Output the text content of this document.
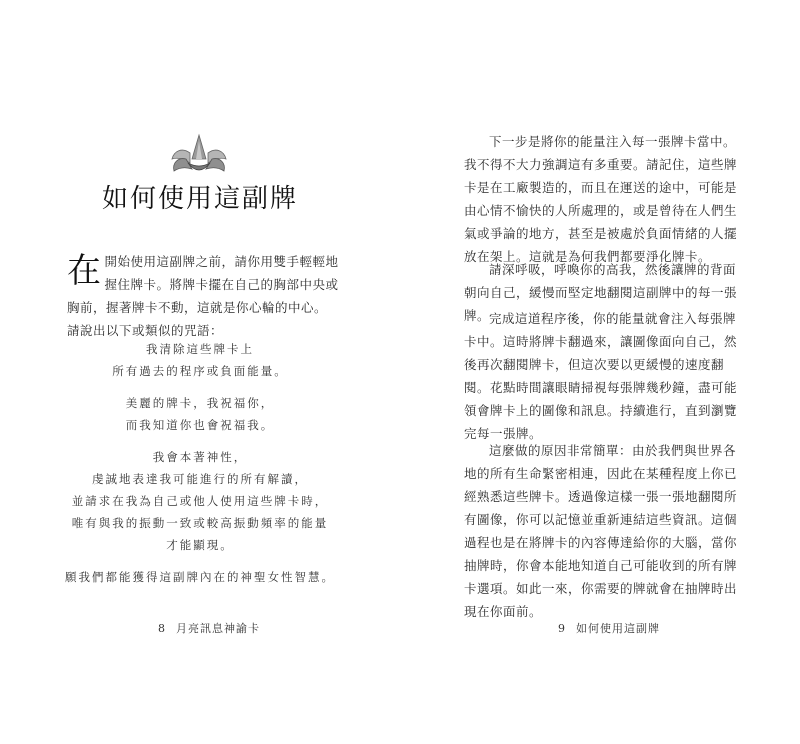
如何使用這副牌
在開始使用這副牌之前，請你用雙手輕輕地握住牌卡。將牌卡擺在自己的胸部中央或胸前，握著牌卡不動，這就是你心輪的中心。請說出以下或類似的咒語：
我清除這些牌卡上
所有過去的程序或負面能量。
美麗的牌卡，我祝福你，
而我知道你也會祝福我。
我會本著神性，
虔誠地表達我可能進行的所有解讀，
並請求在我為自己或他人使用這些牌卡時，
唯有與我的振動一致或較高振動頻率的能量
才能顯現。
願我們都能獲得這副牌內在的神聖女性智慧。
8 月亮訊息神諭卡

下一步是將你的能量注入每一張牌卡當中。我不得不大力強調這有多重要。請記住，這些牌卡是在工廠製造的，而且在運送的途中，可能是由心情不愉快的人所處理的，或是曾待在人們生氣或爭論的地方，甚至是被處於負面情緒的人擺放在架上。這就是為何我們都要淨化牌卡。

請深呼吸，呼喚你的高我，然後讓牌的背面朝向自己，緩慢而堅定地翻閱這副牌中的每一張牌。

完成這道程序後，你的能量就會注入每張牌卡中。這時將牌卡翻過來，讓圖像面向自己，然後再次翻閱牌卡，但這次要以更緩慢的速度翻閱。花點時間讓眼睛掃視每張牌幾秒鐘，盡可能領會牌卡上的圖像和訊息。持續進行，直到瀏覽完每一張牌。

這麼做的原因非常簡單：由於我們與世界各地的所有生命緊密相連，因此在某種程度上你已經熟悉這些牌卡。透過像這樣一張一張地翻閱所有圖像，你可以記憶並重新連結這些資訊。這個過程也是在將牌卡的內容傳達給你的大腦，當你抽牌時，你會本能地知道自己可能收到的所有牌卡選項。如此一來，你需要的牌就會在抽牌時出現在你面前。

9 如何使用這副牌
